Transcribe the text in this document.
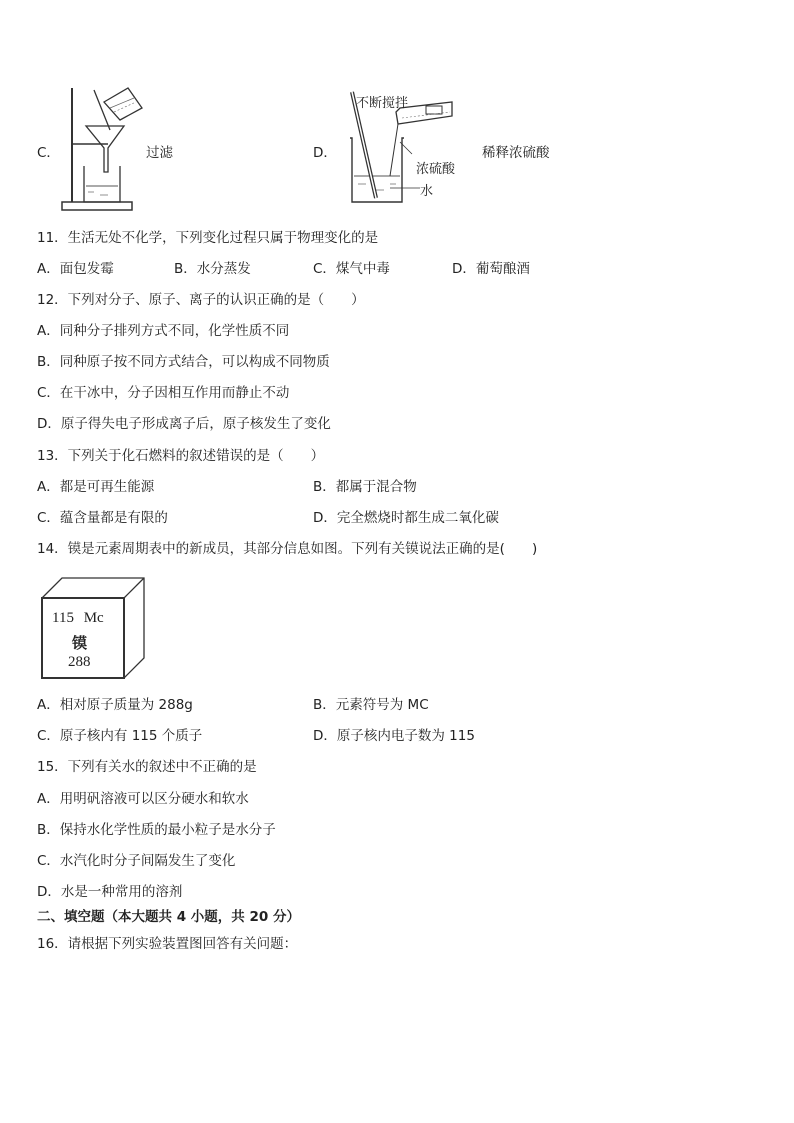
C．	过滤	D．
不断搅拌
浓硫酸
水
稀释浓硫酸
11．生活无处不化学，下列变化过程只属于物理变化的是
A．面包发霉	B．水分蒸发	C．煤气中毒	D．葡萄酿酒
12．下列对分子、原子、离子的认识正确的是（　　）
A．同种分子排列方式不同，化学性质不同
B．同种原子按不同方式结合，可以构成不同物质
C．在干冰中，分子因相互作用而静止不动
D．原子得失电子形成离子后，原子核发生了变化
13．下列关于化石燃料的叙述错误的是（　　）
A．都是可再生能源	B．都属于混合物
C．蕴含量都是有限的	D．完全燃烧时都生成二氧化碳
14．镆是元素周期表中的新成员，其部分信息如图。下列有关镆说法正确的是(　　)
115 Mc
镆
288
A．相对原子质量为 288g	B．元素符号为 MC
C．原子核内有 115 个质子	D．原子核内电子数为 115
15．下列有关水的叙述中不正确的是
A．用明矾溶液可以区分硬水和软水
B．保持水化学性质的最小粒子是水分子
C．水汽化时分子间隔发生了变化
D．水是一种常用的溶剂
二、填空题（本大题共 4 小题，共 20 分）
16．请根据下列实验装置图回答有关问题：
